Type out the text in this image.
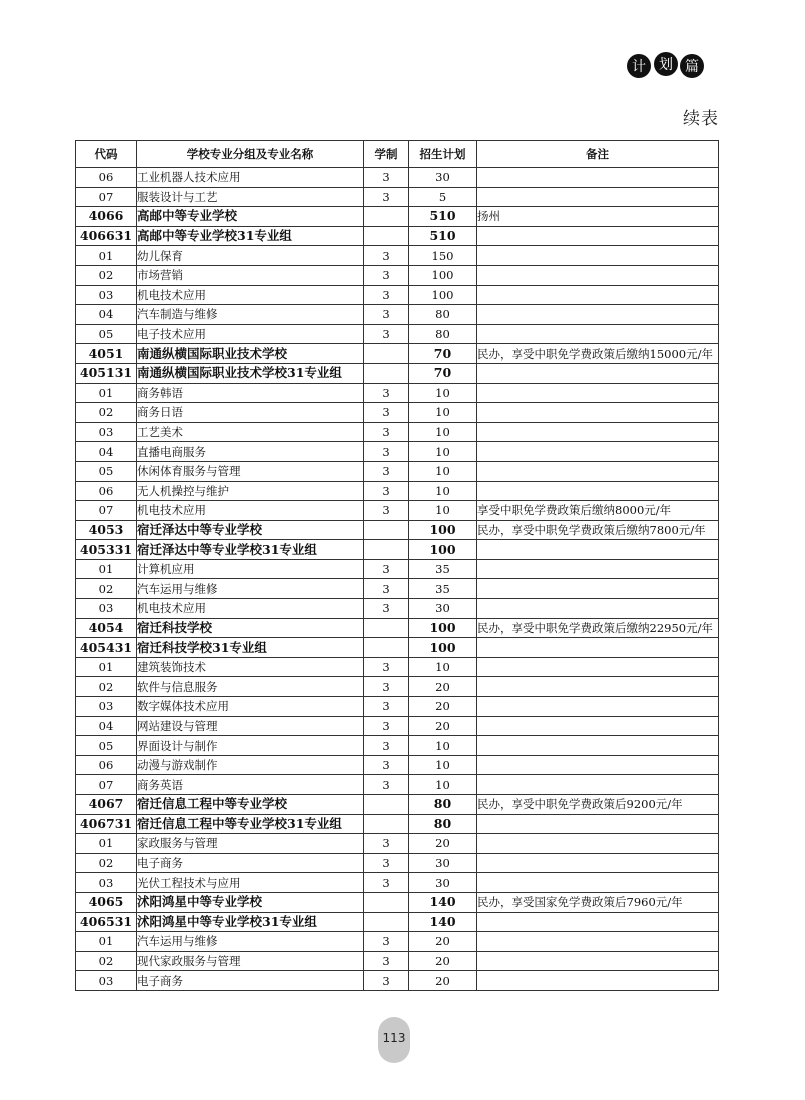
计 划 篇
续表
代码	学校专业分组及专业名称	学制	招生计划	备注
06	工业机器人技术应用	3	30	
07	服装设计与工艺	3	5	
4066	高邮中等专业学校		510	扬州
406631	高邮中等专业学校31专业组		510	
01	幼儿保育	3	150	
02	市场营销	3	100	
03	机电技术应用	3	100	
04	汽车制造与维修	3	80	
05	电子技术应用	3	80	
4051	南通纵横国际职业技术学校		70	民办，享受中职免学费政策后缴纳15000元/年
405131	南通纵横国际职业技术学校31专业组		70	
01	商务韩语	3	10	
02	商务日语	3	10	
03	工艺美术	3	10	
04	直播电商服务	3	10	
05	休闲体育服务与管理	3	10	
06	无人机操控与维护	3	10	
07	机电技术应用	3	10	享受中职免学费政策后缴纳8000元/年
4053	宿迁泽达中等专业学校		100	民办，享受中职免学费政策后缴纳7800元/年
405331	宿迁泽达中等专业学校31专业组		100	
01	计算机应用	3	35	
02	汽车运用与维修	3	35	
03	机电技术应用	3	30	
4054	宿迁科技学校		100	民办，享受中职免学费政策后缴纳22950元/年
405431	宿迁科技学校31专业组		100	
01	建筑装饰技术	3	10	
02	软件与信息服务	3	20	
03	数字媒体技术应用	3	20	
04	网站建设与管理	3	20	
05	界面设计与制作	3	10	
06	动漫与游戏制作	3	10	
07	商务英语	3	10	
4067	宿迁信息工程中等专业学校		80	民办，享受中职免学费政策后9200元/年
406731	宿迁信息工程中等专业学校31专业组		80	
01	家政服务与管理	3	20	
02	电子商务	3	30	
03	光伏工程技术与应用	3	30	
4065	沭阳鸿星中等专业学校		140	民办，享受国家免学费政策后7960元/年
406531	沭阳鸿星中等专业学校31专业组		140	
01	汽车运用与维修	3	20	
02	现代家政服务与管理	3	20	
03	电子商务	3	20	
113
